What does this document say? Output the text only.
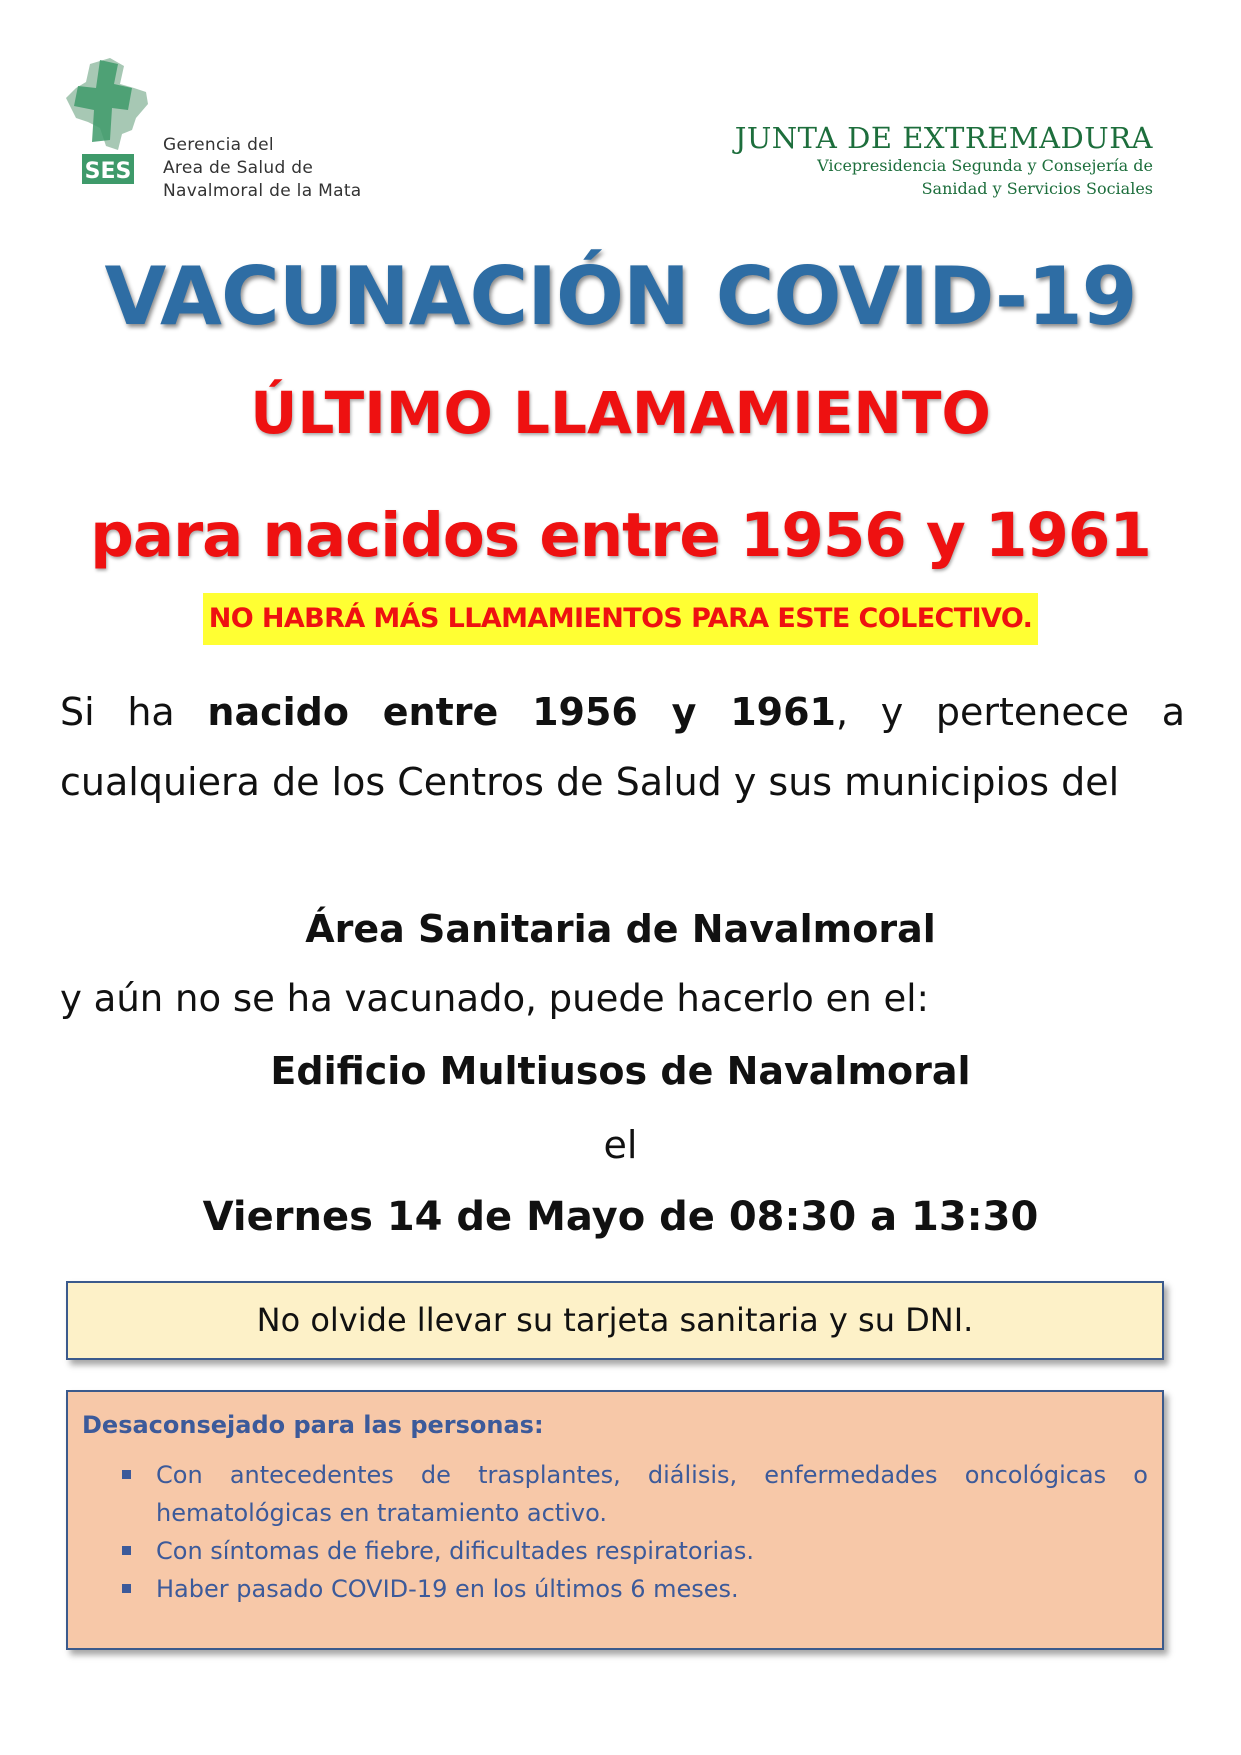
SES
Gerencia del
Area de Salud de
Navalmoral de la Mata
JUNTA DE EXTREMADURA
Vicepresidencia Segunda y Consejería de
Sanidad y Servicios Sociales
VACUNACIÓN COVID-19
ÚLTIMO LLAMAMIENTO
para nacidos entre 1956 y 1961
NO HABRÁ MÁS LLAMAMIENTOS PARA ESTE COLECTIVO.
Si ha nacido entre 1956 y 1961, y pertenece a cualquiera de los Centros de Salud y sus municipios del
Área Sanitaria de Navalmoral
y aún no se ha vacunado, puede hacerlo en el:
Edificio Multiusos de Navalmoral
el
Viernes 14 de Mayo de 08:30 a 13:30
No olvide llevar su tarjeta sanitaria y su DNI.
Desaconsejado para las personas:
Con antecedentes de trasplantes, diálisis, enfermedades oncológicas o hematológicas en tratamiento activo.
Con síntomas de fiebre, dificultades respiratorias.
Haber pasado COVID-19 en los últimos 6 meses.
